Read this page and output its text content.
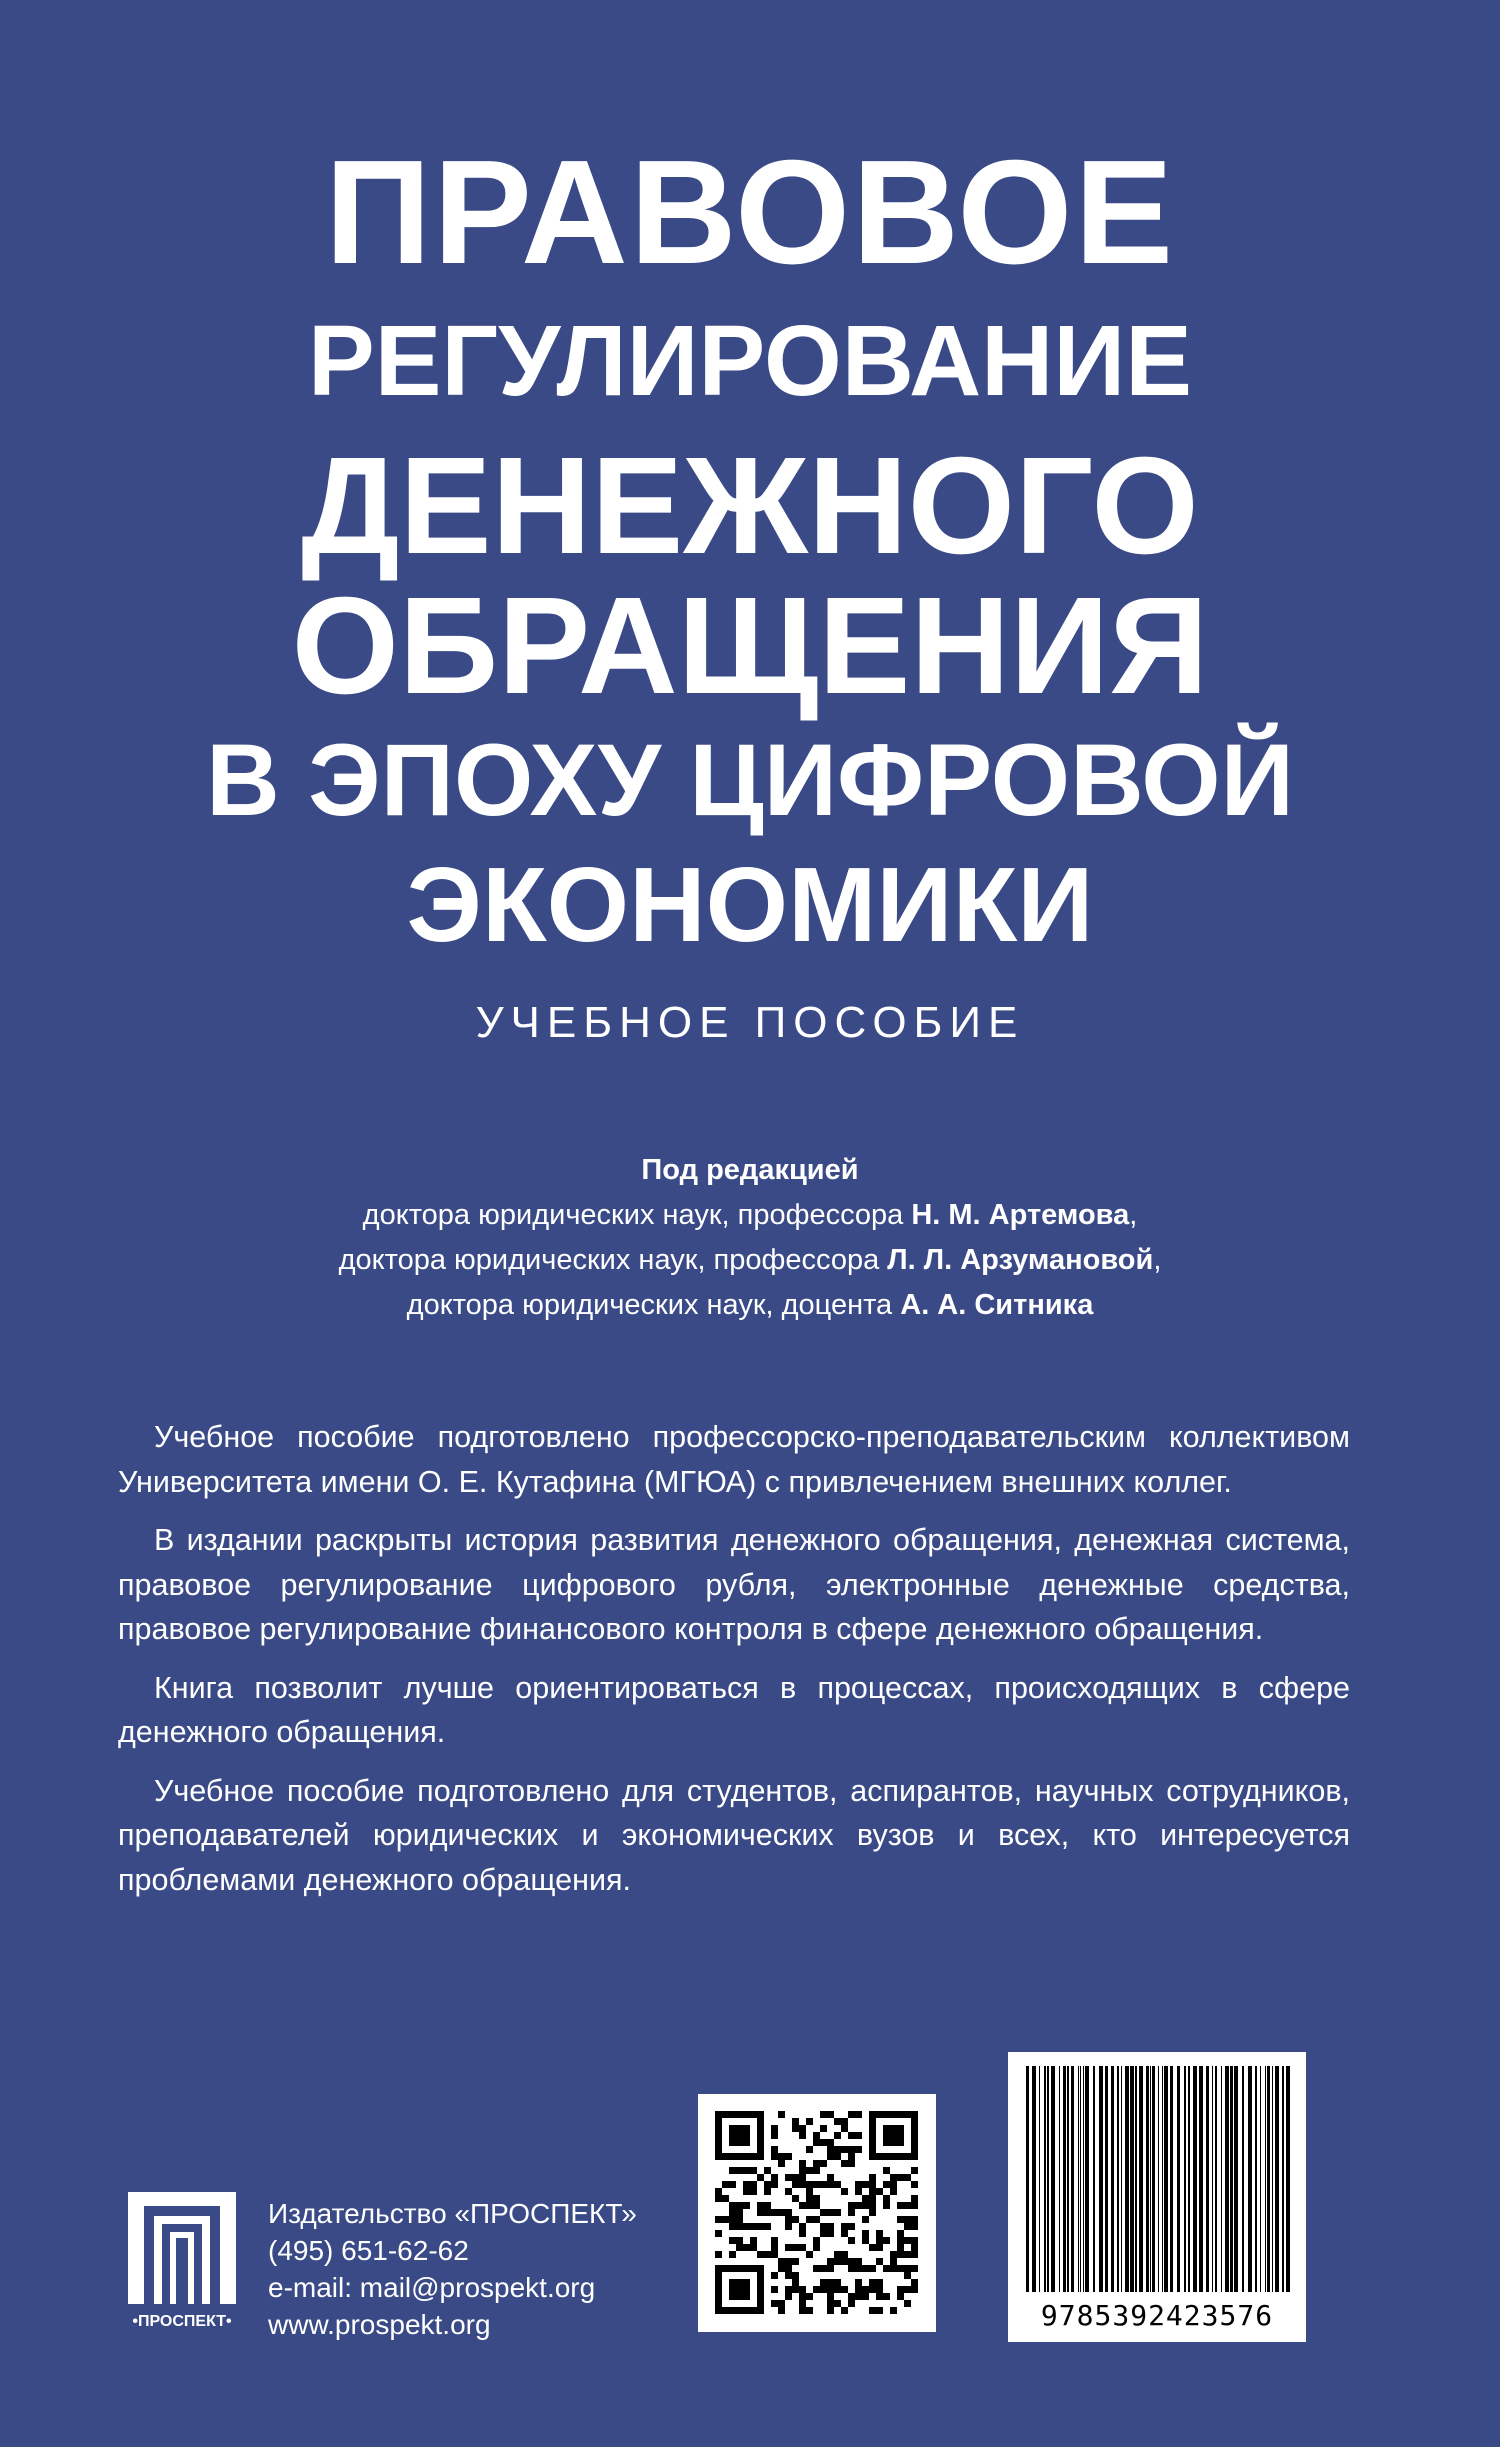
ПРАВОВОЕ
РЕГУЛИРОВАНИЕ
ДЕНЕЖНОГО
ОБРАЩЕНИЯ
В ЭПОХУ ЦИФРОВОЙ
ЭКОНОМИКИ
УЧЕБНОЕ ПОСОБИЕ
Под редакцией
доктора юридических наук, профессора Н. М. Артемова,
доктора юридических наук, профессора Л. Л. Арзумановой,
доктора юридических наук, доцента А. А. Ситника

Учебное пособие подготовлено профессорско-преподавательским коллективом Университета имени О. Е. Кутафина (МГЮА) с привлечением внешних коллег.

В издании раскрыты история развития денежного обращения, денежная система, правовое регулирование цифрового рубля, электронные денежные средства, правовое регулирование финансового контроля в сфере денежного обращения.

Книга позволит лучше ориентироваться в процессах, происходящих в сфере денежного обращения.

Учебное пособие подготовлено для студентов, аспирантов, научных сотрудников, преподавателей юридических и экономических вузов и всех, кто интересуется проблемами денежного обращения.

•ПРОСПЕКТ•
Издательство «ПРОСПЕКТ»
(495) 651-62-62
e-mail: mail@prospekt.org
www.prospekt.org	9785392423576
